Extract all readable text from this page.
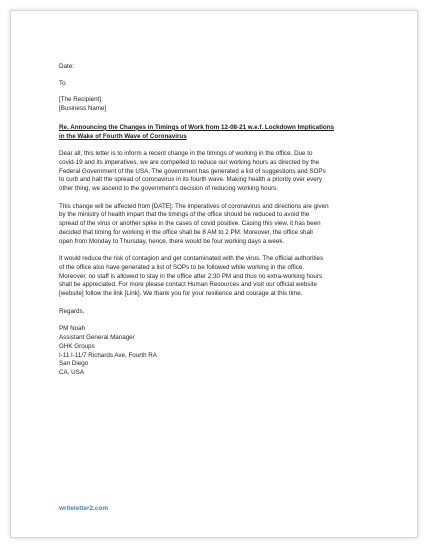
Date:
To
[The Recipient]
[Business Name]
Re. Announcing the Changes in Timings of Work from 12-08-21 w.e.f. Lockdown Implications
in the Wake of Fourth Wave of Coronavirus
Dear all, this letter is to inform a recent change in the timings of working in the office. Due to
covid-19 and its imperatives, we are compelled to reduce our working hours as directed by the
Federal Government of the USA. The government has generated a list of suggestions and SOPs
to curb and halt the spread of coronavirus in its fourth wave. Making health a priority over every
other thing, we ascend to the government's decision of reducing working hours.
This change will be affected from [DATE]. The imperatives of coronavirus and directions are given
by the ministry of health impart that the timings of the office should be reduced to avoid the
spread of the virus or another spike in the cases of covid positive. Casing this view, it has been
decided that timing for working in the office shall be 8 AM to 2 PM. Moreover, the office shall
open from Monday to Thursday, hence, there would be four working days a week.
It would reduce the risk of contagion and get contaminated with the virus. The official authorities
of the office also have generated a list of SOPs to be followed while working in the office.
Moreover, no staff is allowed to stay in the office after 2:30 PM and thus no extra-working hours
shall be appreciated. For more please contact Human Resources and visit our official website
[website] follow the link [Link]. We thank you for your resilience and courage at this time.
Regards,
PM Noah
Assistant General Manager
GHK Groups
I-11 I-11/7 Richards Ave, Fourth RA
San Diego
CA, USA
writeletter2.com
